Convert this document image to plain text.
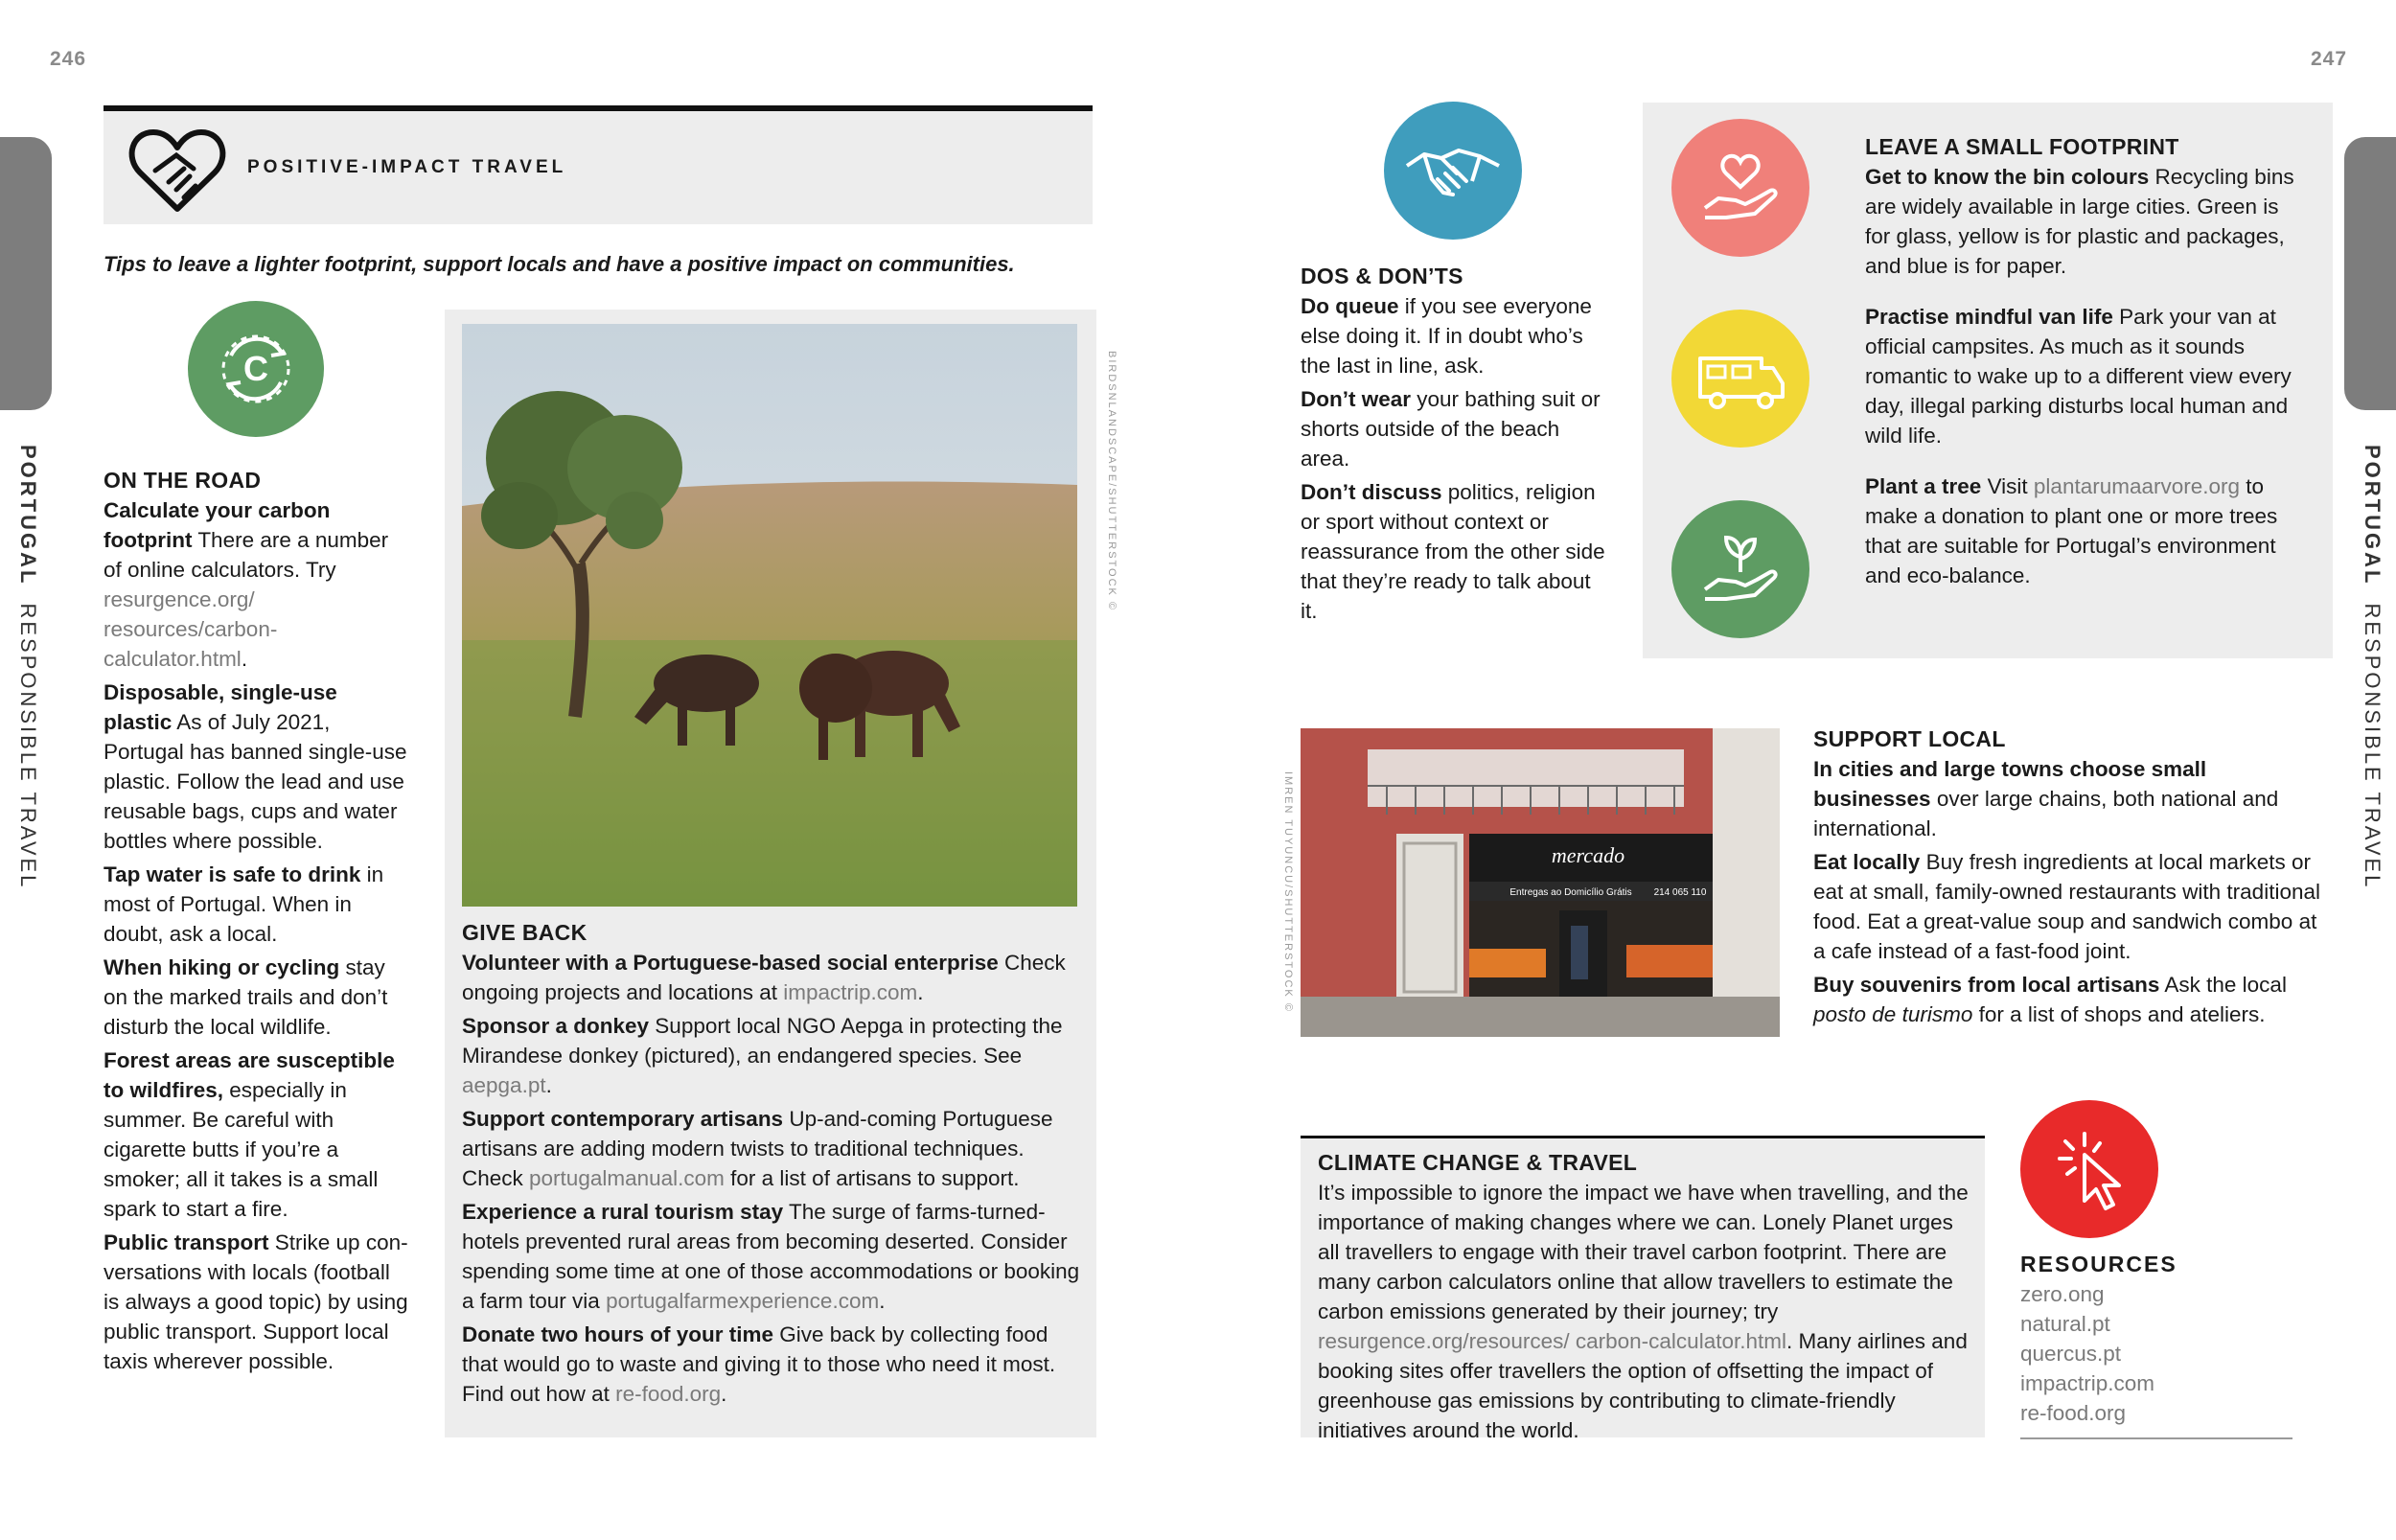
246	247
PORTUGALRESPONSIBLE TRAVEL
PORTUGALRESPONSIBLE TRAVEL
POSITIVE-IMPACT TRAVEL
Tips to leave a lighter footprint, support locals and have a positive impact on communities.
C
ON THE ROAD

Calculate your carbon footprint There are a number of online calculators. Try resurgence.org/ resources/carbon-calculator.html.

Disposable, single-use plastic As of July 2021, Portugal has banned single-use plastic. Follow the lead and use reusable bags, cups and water bottles where possible.

Tap water is safe to drink in most of Portugal. When in doubt, ask a local.

When hiking or cycling stay on the marked trails and don’t disturb the local wildlife.

Forest areas are susceptible to wildfires, especially in summer. Be careful with cigarette butts if you’re a smoker; all it takes is a small spark to start a fire.

Public transport Strike up con-versations with locals (football is always a good topic) by using public transport. Support local taxis wherever possible.

BIRDSNLANDSCAPE/SHUTTERSTOCK ©
GIVE BACK

Volunteer with a Portuguese-based social enterprise Check ongoing projects and locations at impactrip.com.

Sponsor a donkey Support local NGO Aepga in protecting the Mirandese donkey (pictured), an endangered species. See aepga.pt.

Support contemporary artisans Up-and-coming Portuguese artisans are adding modern twists to traditional techniques. Check portugalmanual.com for a list of artisans to support.

Experience a rural tourism stay The surge of farms-turned-hotels prevented rural areas from becoming deserted. Consider spending some time at one of those accommodations or booking a farm tour via portugalfarmexperience.com.

Donate two hours of your time Give back by collecting food that would go to waste and giving it to those who need it most. Find out how at re-food.org.

DOS & DON’TS

Do queue if you see everyone else doing it. If in doubt who’s the last in line, ask.

Don’t wear your bathing suit or shorts outside of the beach area.

Don’t discuss politics, religion or sport without context or reassurance from the other side that they’re ready to talk about it.

LEAVE A SMALL FOOTPRINT

Get to know the bin colours Recycling bins are widely available in large cities. Green is for glass, yellow is for plastic and packages, and blue is for paper.

Practise mindful van life Park your van at official campsites. As much as it sounds romantic to wake up to a different view every day, illegal parking disturbs local human and wild life.

Plant a tree Visit plantarumaarvore.org to make a donation to plant one or more trees that are suitable for Portugal’s environment and eco-balance.

mercado
Entregas ao Domicílio Grátis 214 065 110
IMREN TUYUNCU/SHUTTERSTOCK ©
SUPPORT LOCAL

In cities and large towns choose small businesses over large chains, both national and international.

Eat locally Buy fresh ingredients at local markets or eat at small, family-owned restaurants with traditional food. Eat a great-value soup and sandwich combo at a cafe instead of a fast-food joint.

Buy souvenirs from local artisans Ask the local posto de turismo for a list of shops and ateliers.

CLIMATE CHANGE & TRAVEL

It’s impossible to ignore the impact we have when travelling, and the importance of making changes where we can. Lonely Planet urges all travellers to engage with their travel carbon footprint. There are many carbon calculators online that allow travellers to estimate the carbon emissions generated by their journey; try resurgence.org/resources/ carbon-calculator.html. Many airlines and booking sites offer travellers the option of offsetting the impact of greenhouse gas emissions by contributing to climate-friendly initiatives around the world.

RESOURCES
zero.ong
natural.pt
quercus.pt
impactrip.com
re-food.org
